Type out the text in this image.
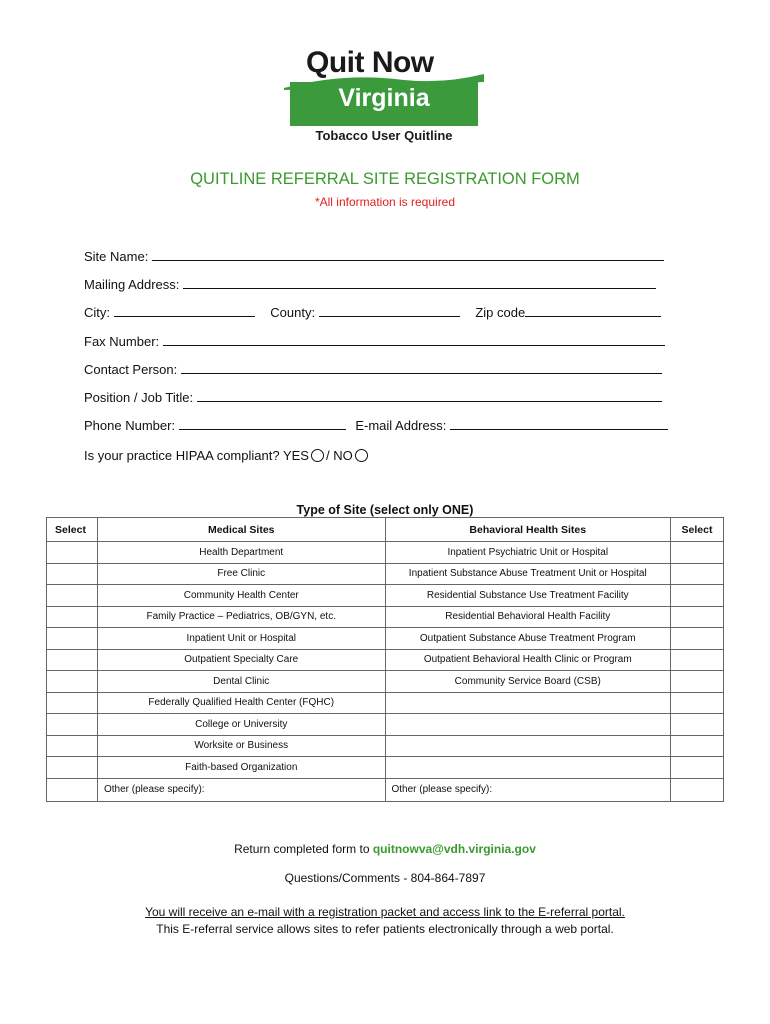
Quit Now
Virginia
Tobacco User Quitline
QUITLINE REFERRAL SITE REGISTRATION FORM
*All information is required
Site Name:
Mailing Address:
City:	County:	Zip code
Fax Number:
Contact Person:
Position / Job Title:
Phone Number:	E-mail Address:
Is your practice HIPAA compliant? YES / NO
Type of Site (select only ONE)
Select	Medical Sites	Behavioral Health Sites	Select
	Health Department	Inpatient Psychiatric Unit or Hospital	
	Free Clinic	Inpatient Substance Abuse Treatment Unit or Hospital	
	Community Health Center	Residential Substance Use Treatment Facility	
	Family Practice – Pediatrics, OB/GYN, etc.	Residential Behavioral Health Facility	
	Inpatient Unit or Hospital	Outpatient Substance Abuse Treatment Program	
	Outpatient Specialty Care	Outpatient Behavioral Health Clinic or Program	
	Dental Clinic	Community Service Board (CSB)	
	Federally Qualified Health Center (FQHC)		
	College or University		
	Worksite or Business		
	Faith-based Organization		
	Other (please specify):	Other (please specify):	
Return completed form to quitnowva@vdh.virginia.gov
Questions/Comments - 804-864-7897
You will receive an e-mail with a registration packet and access link to the E-referral portal.
This E-referral service allows sites to refer patients electronically through a web portal.
